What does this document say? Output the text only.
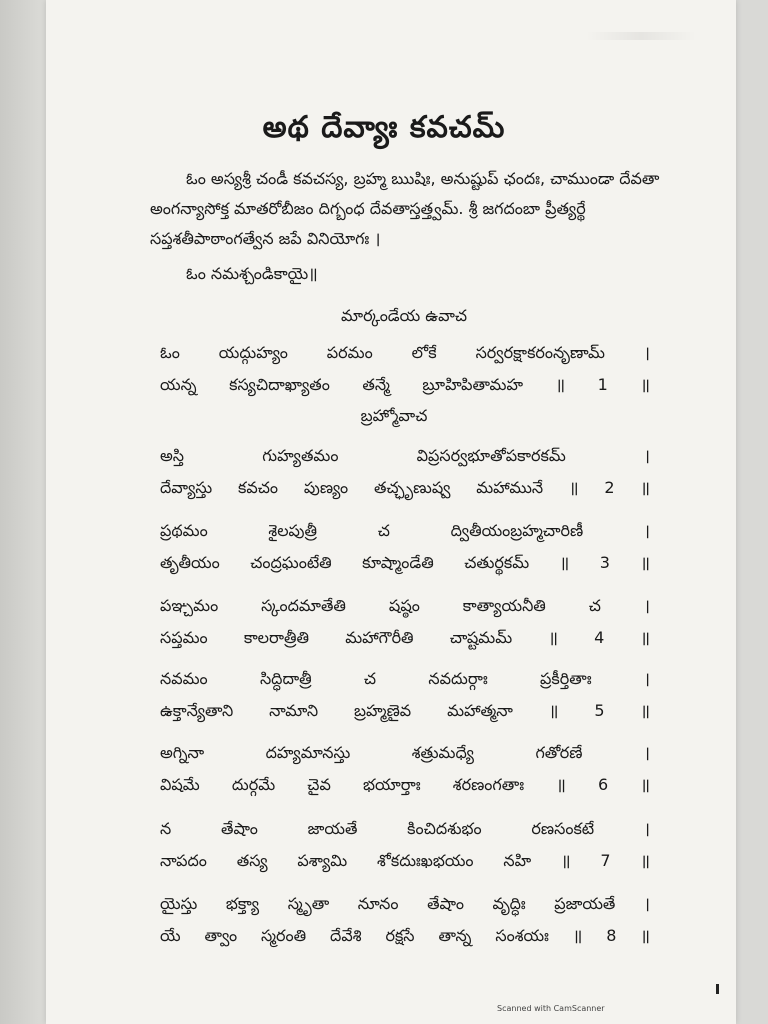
అథ దేవ్యాః కవచమ్
ఓం అస్యశ్రీ చండీ కవచస్య, బ్రహ్మ ఋషిః, అనుష్టుప్ ఛందః, చాముండా దేవతా అంగన్యాసోక్త మాతరోబీజం దిగ్బంధ దేవతాస్తత్త్వమ్. శ్రీ జగదంబా ప్రీత్యర్థే సప్తశతీపాఠాంగత్వేన జపే వినియోగః ।
ఓం నమశ్చండికాయై॥
మార్కండేయ ఉవాచ
ఓం యద్గుహ్యం పరమం లోకే సర్వరక్షాకరంనృణామ్ ।
యన్న కస్యచిదాఖ్యాతం తన్మే బ్రూహిపితామహ ॥ 1 ॥
బ్రహ్మోవాచ
అస్తి గుహ్యతమం విప్రసర్వభూతోపకారకమ్ ।
దేవ్యాస్తు కవచం పుణ్యం తచ్ఛృణుష్వ మహామునే ॥ 2 ॥
ప్రథమం శైలపుత్రీ చ ద్వితీయంబ్రహ్మచారిణీ ।
తృతీయం చంద్రఘంటేతి కూష్మాండేతి చతుర్థకమ్ ॥ 3 ॥
పఞ్చమం స్కందమాతేతి షష్ఠం కాత్యాయనీతి చ ।
సప్తమం కాలరాత్రీతి మహాగౌరీతి చాష్టమమ్ ॥ 4 ॥
నవమం సిద్ధిదాత్రీ చ నవదుర్గాః ప్రకీర్తితాః ।
ఉక్తాన్యేతాని నామాని బ్రహ్మణైవ మహాత్మనా ॥ 5 ॥
అగ్నినా దహ్యమానస్తు శత్రుమధ్యే గతోరణే ।
విషమే దుర్గమే చైవ భయార్తాః శరణంగతాః ॥ 6 ॥
న తేషాం జాయతే కించిదశుభం రణసంకటే ।
నాపదం తస్య పశ్యామి శోకదుఃఖభయం నహి ॥ 7 ॥
యైస్తు భక్త్యా స్మృతా నూనం తేషాం వృద్ధిః ప్రజాయతే ।
యే త్వాం స్మరంతి దేవేశి రక్షసే తాన్న సంశయః ॥ 8 ॥
Scanned with CamScanner
